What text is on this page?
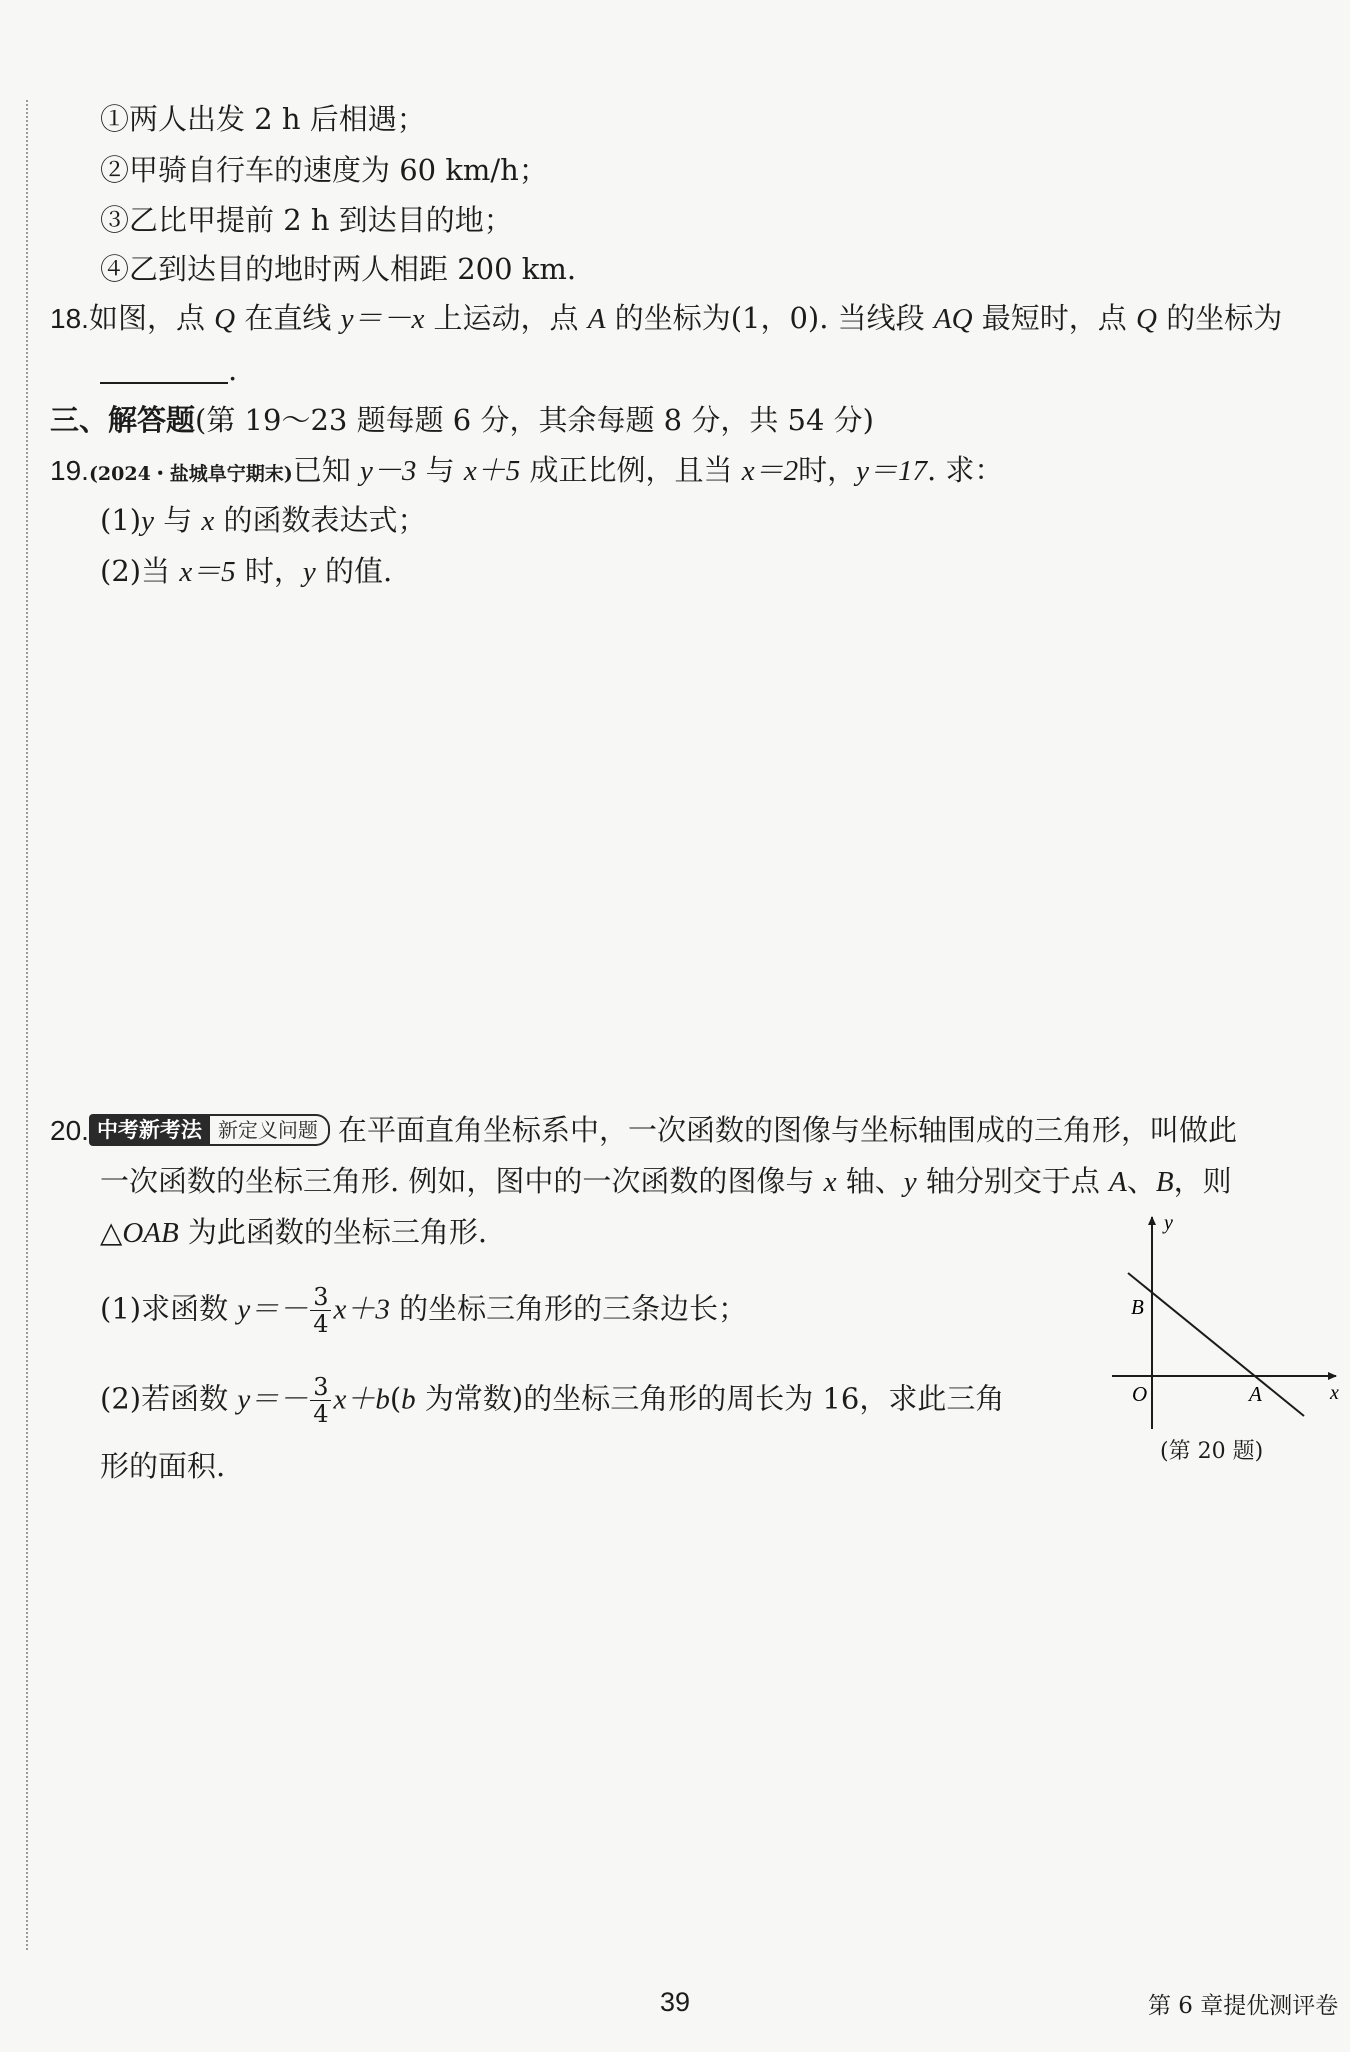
①两人出发 2 h 后相遇；
②甲骑自行车的速度为 60 km/h；
③乙比甲提前 2 h 到达目的地；
④乙到达目的地时两人相距 200 km.
18.如图，点 Q 在直线 y＝－x 上运动，点 A 的坐标为(1，0). 当线段 AQ 最短时，点 Q 的坐标为
.
三、解答题(第 19～23 题每题 6 分，其余每题 8 分，共 54 分)
19.(2024・盐城阜宁期末)已知 y－3 与 x＋5 成正比例，且当 x＝2时，y＝17. 求：
(1)y 与 x 的函数表达式；
(2)当 x＝5 时，y 的值.
20. 中考新考法 新定义问题 在平面直角坐标系中，一次函数的图像与坐标轴围成的三角形，叫做此
一次函数的坐标三角形. 例如，图中的一次函数的图像与 x 轴、y 轴分别交于点 A、B，则
△OAB 为此函数的坐标三角形.
(1)求函数 $y=- \frac{3}{4} x+3$ 的坐标三角形的三条边长；
(2)若函数 $y=- \frac{3}{4} x+b(b$ 为常数)的坐标三角形的周长为 16，求此三角
形的面积.
y
x
O	A
B
(第 20 题)
39	第 6 章提优测评卷
